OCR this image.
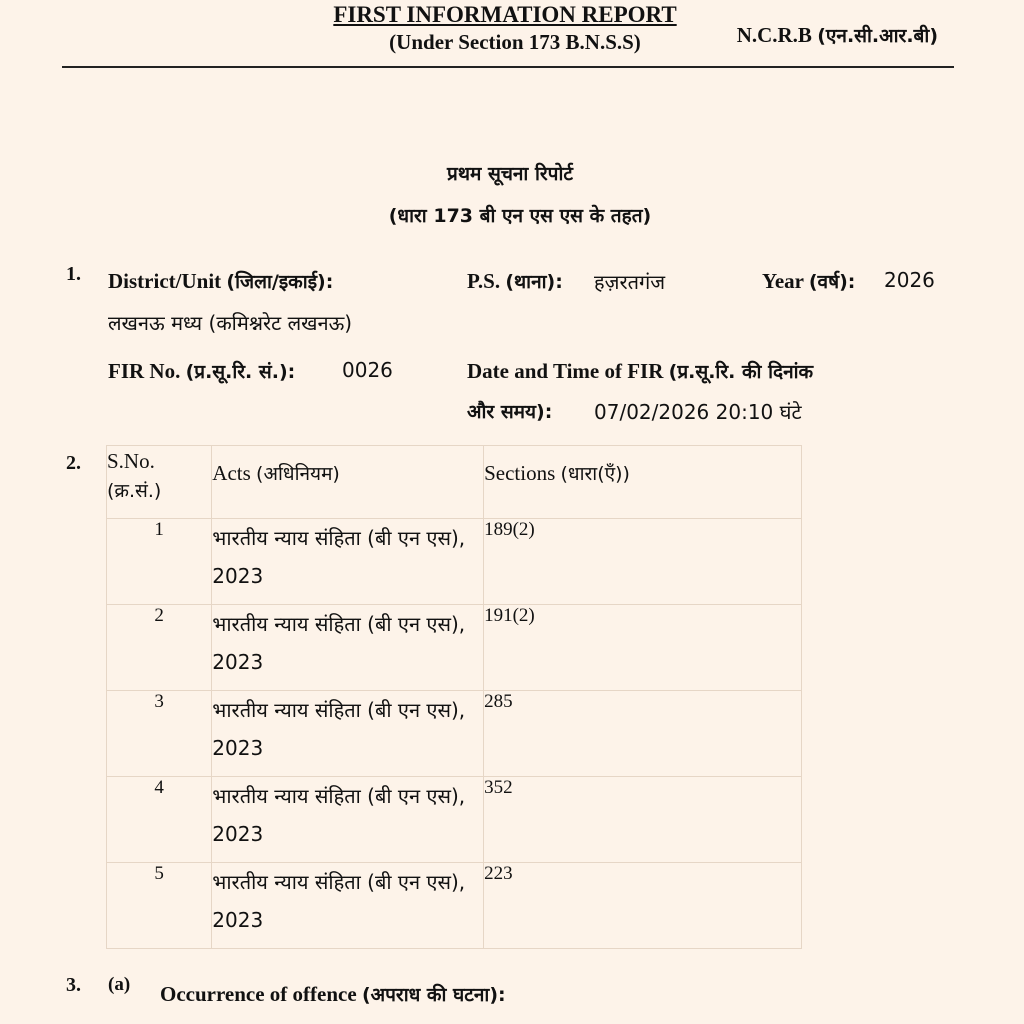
N.C.R.B (एन.सी.आर.बी)
FIRST INFORMATION REPORT
(Under Section 173 B.N.S.S)
प्रथम सूचना रिपोर्ट
(धारा 173 बी एन एस एस के तहत)
1. District/Unit (जिला/इकाई):
लखनऊ मध्य (कमिश्नरेट लखनऊ)
P.S. (थाना): हज़रतगंज	Year (वर्ष): 2026
FIR No. (प्र.सू.रि. सं.): 0026	Date and Time of FIR (प्र.सू.रि. की दिनांक
और समय): 07/02/2026 20:10 घंटे
2. S.No.
(क्र.सं.)	Acts (अधिनियम)	Sections (धारा(एँ))
1	भारतीय न्याय संहिता (बी एन एस), 2023	189(2)
2	भारतीय न्याय संहिता (बी एन एस), 2023	191(2)
3	भारतीय न्याय संहिता (बी एन एस), 2023	285
4	भारतीय न्याय संहिता (बी एन एस), 2023	352
5	भारतीय न्याय संहिता (बी एन एस), 2023	223
3. (a) Occurrence of offence (अपराध की घटना):
